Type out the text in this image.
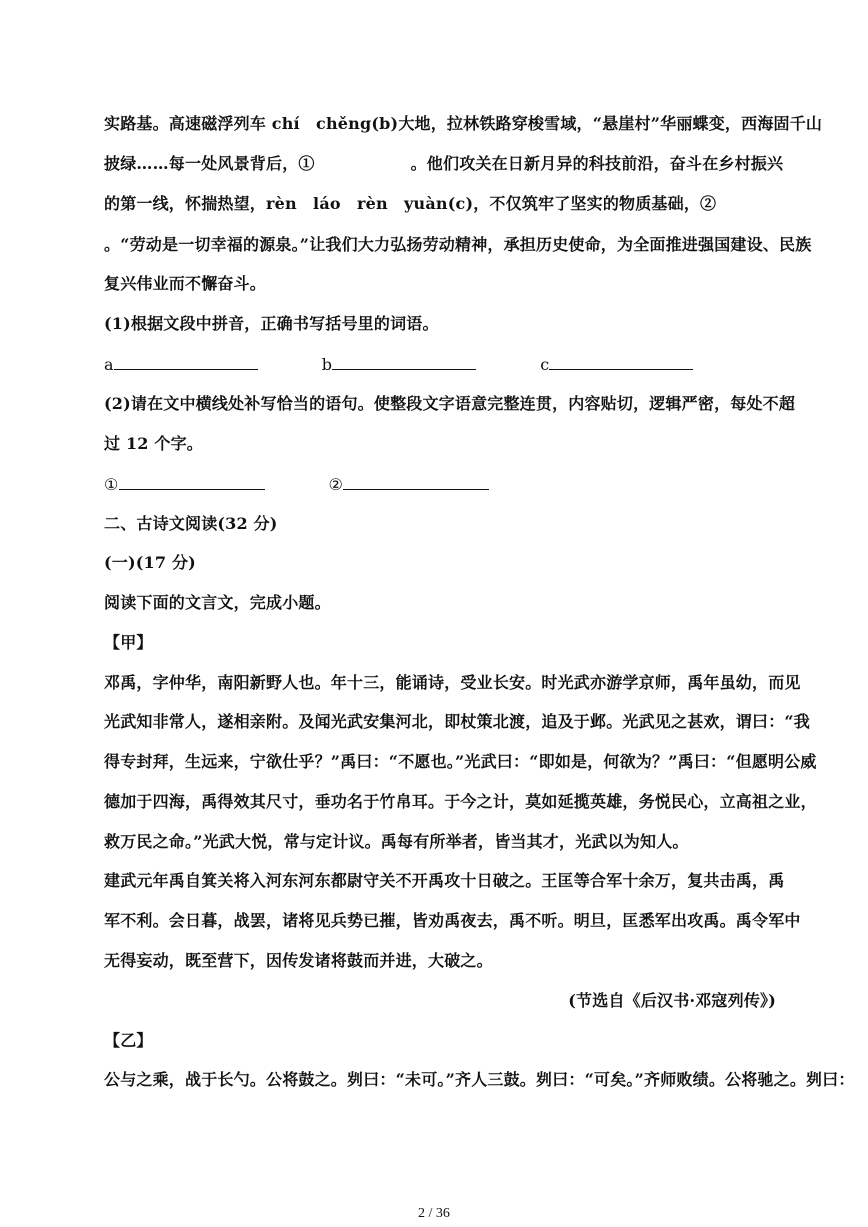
实路基。高速磁浮列车 chí　chěng(b)大地，拉林铁路穿梭雪域，“悬崖村”华丽蝶变，西海固千山
披绿……每一处风景背后，①	。他们攻关在日新月异的科技前沿，奋斗在乡村振兴
的第一线，怀揣热望，rèn　láo　rèn　yuàn(c)，不仅筑牢了坚实的物质基础，②
。“劳动是一切幸福的源泉。”让我们大力弘扬劳动精神，承担历史使命，为全面推进强国建设、民族
复兴伟业而不懈奋斗。
(1)根据文段中拼音，正确书写括号里的词语。
a	b	c
(2)请在文中横线处补写恰当的语句。使整段文字语意完整连贯，内容贴切，逻辑严密，每处不超
过 12 个字。
①	②
二、古诗文阅读(32 分)
(一)(17 分)
阅读下面的文言文，完成小题。
【甲】
邓禹，字仲华，南阳新野人也。年十三，能诵诗，受业长安。时光武亦游学京师，禹年虽幼，而见
光武知非常人，遂相亲附。及闻光武安集河北，即杖策北渡，追及于邺。光武见之甚欢，谓曰：“我
得专封拜，生远来，宁欲仕乎？”禹曰：“不愿也。”光武曰：“即如是，何欲为？”禹曰：“但愿明公威
德加于四海，禹得效其尺寸，垂功名于竹帛耳。于今之计，莫如延揽英雄，务悦民心，立高祖之业，
救万民之命。”光武大悦，常与定计议。禹每有所举者，皆当其才，光武以为知人。
建武元年禹自箕关将入河东河东都尉守关不开禹攻十日破之。王匡等合军十余万，复共击禹，禹
军不利。会日暮，战罢，诸将见兵势已摧，皆劝禹夜去，禹不听。明旦，匡悉军出攻禹。禹令军中
无得妄动，既至营下，因传发诸将鼓而并进，大破之。
(节选自《后汉书·邓寇列传》)
【乙】
公与之乘，战于长勺。公将鼓之。刿曰：“未可。”齐人三鼓。刿曰：“可矣。”齐师败绩。公将驰之。刿曰：
2 / 36
